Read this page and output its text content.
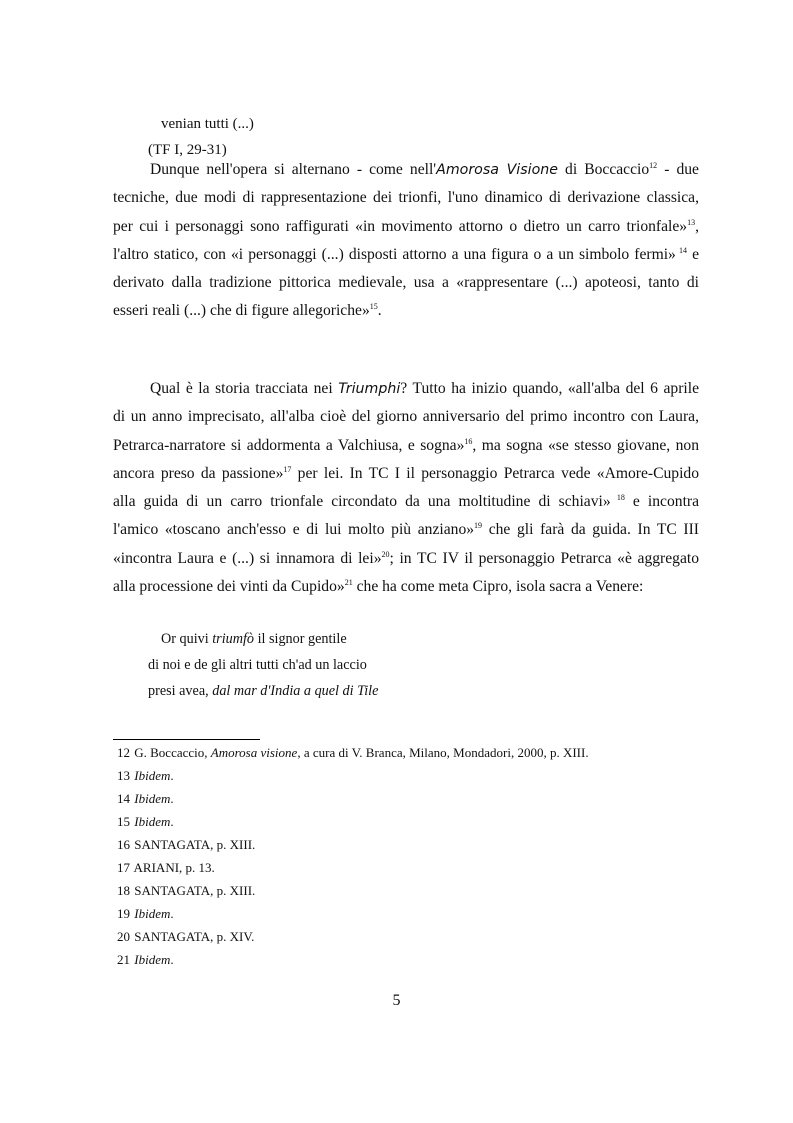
venian tutti (...)
(TF I, 29-31)
Dunque nell'opera si alternano - come nell'Amorosa Visione di Boccaccio$^{12}$ - due
tecniche, due modi di rappresentazione dei trionfi, l'uno dinamico di derivazione classica,
per cui i personaggi sono raffigurati «in movimento attorno o dietro un carro trionfale»$^{13}$,
l'altro statico, con «i personaggi (...) disposti attorno a una figura o a un simbolo fermi» $^{14}$ e
derivato dalla tradizione pittorica medievale, usa a «rappresentare (...) apoteosi, tanto di
esseri reali (...) che di figure allegoriche»$^{15}$.
Qual è la storia tracciata nei Triumphi? Tutto ha inizio quando, «all'alba del 6 aprile
di un anno imprecisato, all'alba cioè del giorno anniversario del primo incontro con Laura,
Petrarca-narratore si addormenta a Valchiusa, e sogna»$^{16}$, ma sogna «se stesso giovane, non
ancora preso da passione»$^{17}$ per lei. In TC I il personaggio Petrarca vede «Amore-Cupido
alla guida di un carro trionfale circondato da una moltitudine di schiavi» $^{18}$ e incontra
l'amico «toscano anch'esso e di lui molto più anziano»$^{19}$ che gli farà da guida. In TC III
«incontra Laura e (...) si innamora di lei»$^{20}$; in TC IV il personaggio Petrarca «è aggregato
alla processione dei vinti da Cupido»$^{21}$ che ha come meta Cipro, isola sacra a Venere:
Or quivi triumfò il signor gentile
di noi e de gli altri tutti ch'ad un laccio
presi avea, dal mar d'India a quel di Tile
12 G. Boccaccio, Amorosa visione, a cura di V. Branca, Milano, Mondadori, 2000, p. XIII.
13 Ibidem.
14 Ibidem.
15 Ibidem.
16 SANTAGATA, p. XIII.
17 ARIANI, p. 13.
18 SANTAGATA, p. XIII.
19 Ibidem.
20 SANTAGATA, p. XIV.
21 Ibidem.
5
